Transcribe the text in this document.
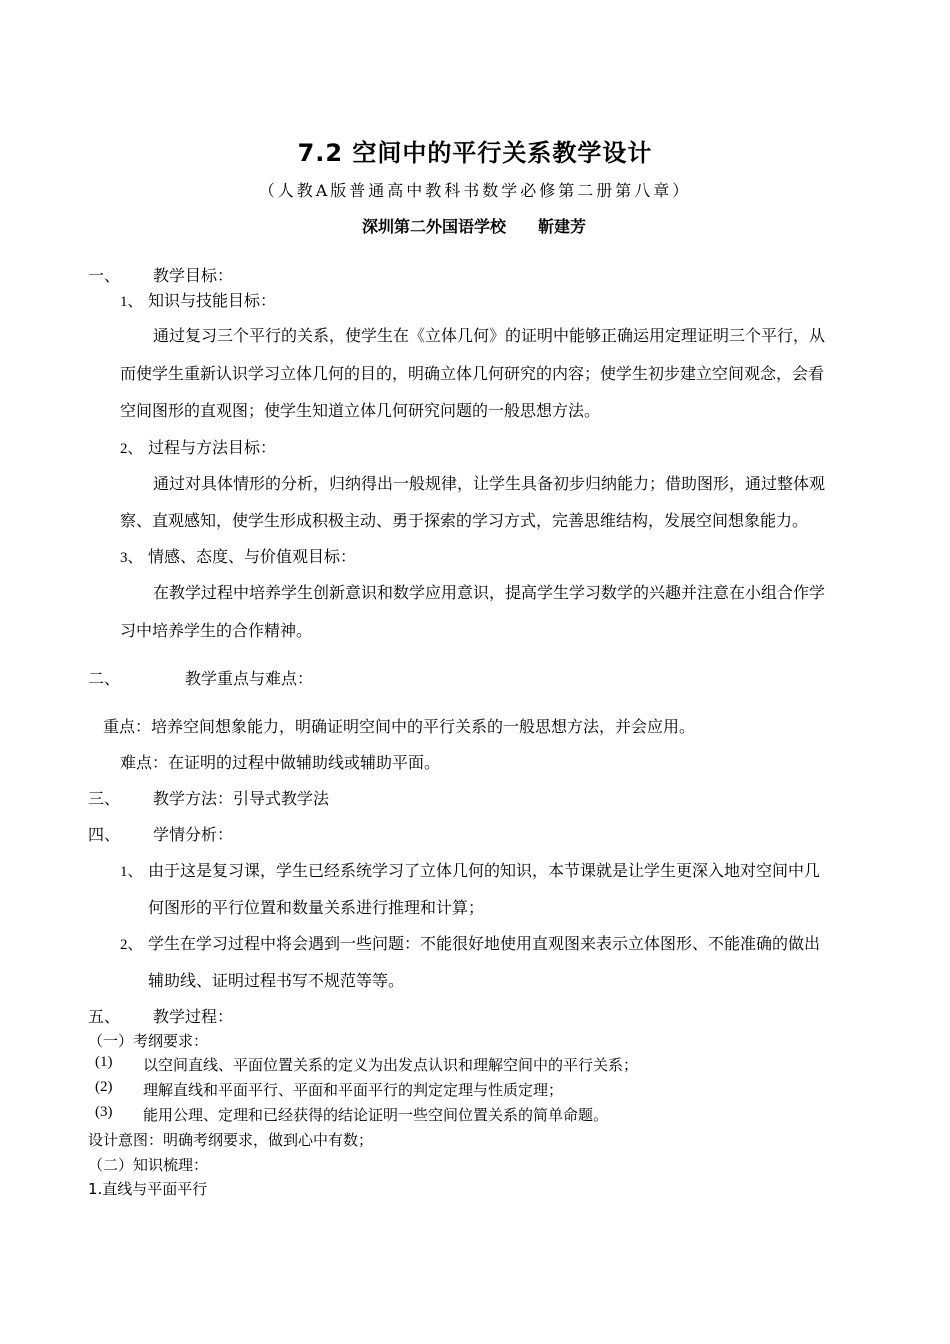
7.2 空间中的平行关系教学设计
（人教A版普通高中教科书数学必修第二册第八章）
深圳第二外国语学校 靳建芳
一、 教学目标：
1、 知识与技能目标：
通过复习三个平行的关系，使学生在《立体几何》的证明中能够正确运用定理证明三个平行，从
而使学生重新认识学习立体几何的目的，明确立体几何研究的内容；使学生初步建立空间观念，会看
空间图形的直观图；使学生知道立体几何研究问题的一般思想方法。
2、 过程与方法目标：
通过对具体情形的分析，归纳得出一般规律，让学生具备初步归纳能力；借助图形，通过整体观
察、直观感知，使学生形成积极主动、勇于探索的学习方式，完善思维结构，发展空间想象能力。
3、 情感、态度、与价值观目标：
在教学过程中培养学生创新意识和数学应用意识，提高学生学习数学的兴趣并注意在小组合作学
习中培养学生的合作精神。
二、	教学重点与难点：
重点：培养空间想象能力，明确证明空间中的平行关系的一般思想方法，并会应用。
难点：在证明的过程中做辅助线或辅助平面。
三、 教学方法：引导式教学法
四、 学情分析：
1、 由于这是复习课，学生已经系统学习了立体几何的知识，本节课就是让学生更深入地对空间中几
何图形的平行位置和数量关系进行推理和计算；
2、 学生在学习过程中将会遇到一些问题：不能很好地使用直观图来表示立体图形、不能准确的做出
辅助线、证明过程书写不规范等等。
五、 教学过程：
（一）考纲要求：
(1) 以空间直线、平面位置关系的定义为出发点认识和理解空间中的平行关系；
(2) 理解直线和平面平行、平面和平面平行的判定定理与性质定理；
(3) 能用公理、定理和已经获得的结论证明一些空间位置关系的简单命题。
设计意图：明确考纲要求，做到心中有数；
（二）知识梳理：
1.直线与平面平行
